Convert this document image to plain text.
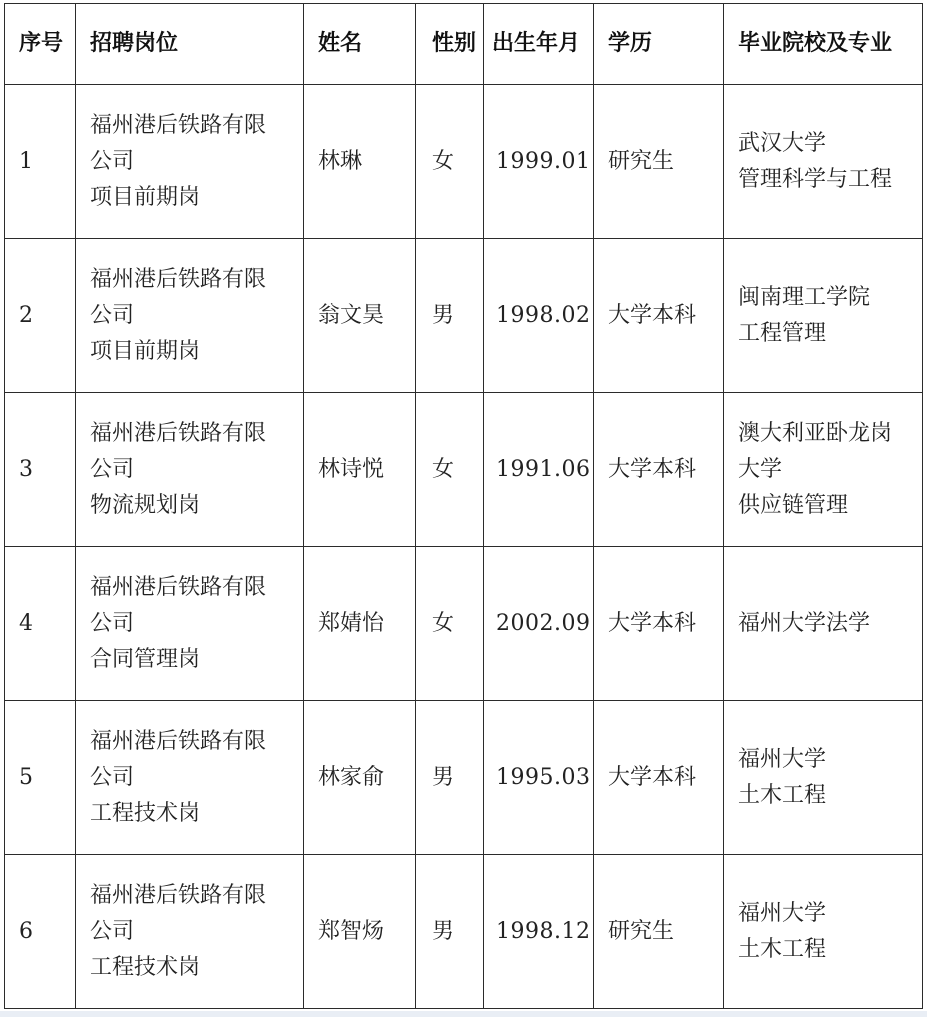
序号	招聘岗位	姓名	性别	出生年月	学历	毕业院校及专业
1	福州港后铁路有限
公司
项目前期岗	林琳	女	1999.01	研究生	武汉大学
管理科学与工程

2	福州港后铁路有限
公司
项目前期岗	翁文昊	男	1998.02	大学本科	闽南理工学院
工程管理

3	福州港后铁路有限
公司
物流规划岗	林诗悦	女	1991.06	大学本科	澳大利亚卧龙岗
大学
供应链管理

4	福州港后铁路有限
公司
合同管理岗	郑婧怡	女	2002.09	大学本科	福州大学法学

5	福州港后铁路有限
公司
工程技术岗	林家俞	男	1995.03	大学本科	福州大学
土木工程

6	福州港后铁路有限
公司
工程技术岗	郑智炀	男	1998.12	研究生	福州大学
土木工程
